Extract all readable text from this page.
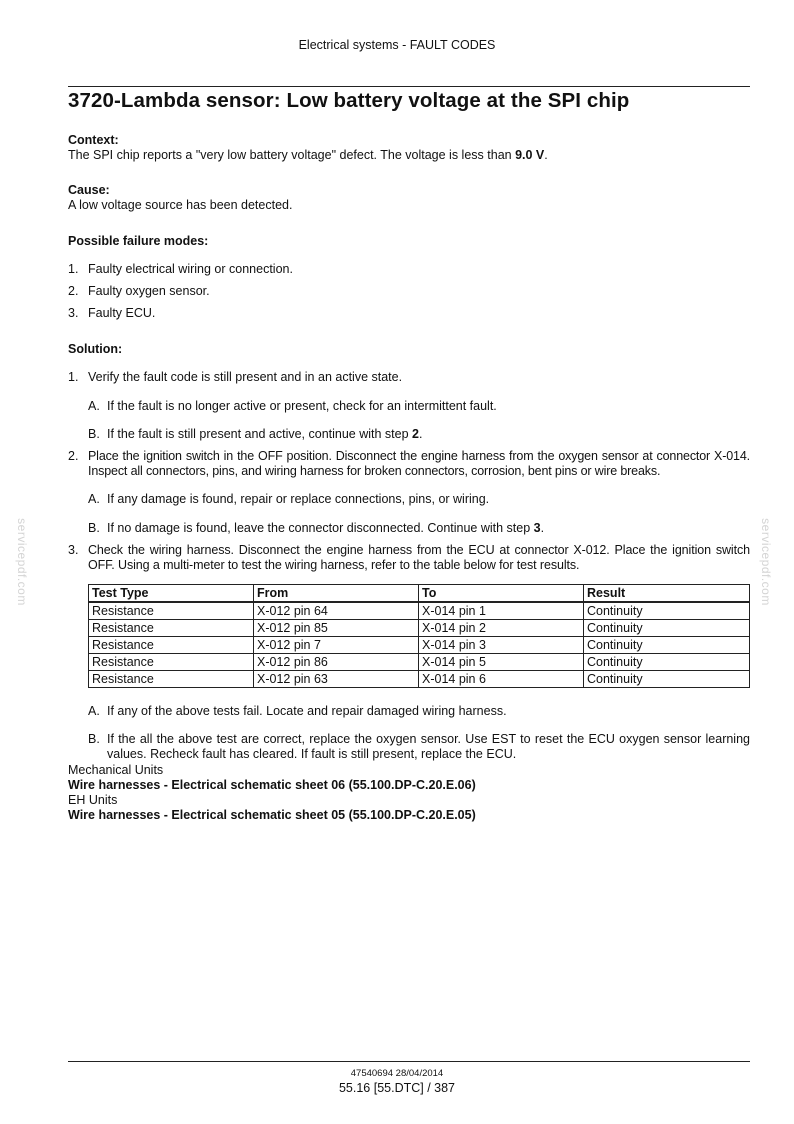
Electrical systems - FAULT CODES
3720-Lambda sensor: Low battery voltage at the SPI chip
Context:
The SPI chip reports a "very low battery voltage" defect. The voltage is less than 9.0 V.
Cause:
A low voltage source has been detected.
Possible failure modes:
1. Faulty electrical wiring or connection.
2. Faulty oxygen sensor.
3. Faulty ECU.
Solution:
1. Verify the fault code is still present and in an active state.
A. If the fault is no longer active or present, check for an intermittent fault.
B. If the fault is still present and active, continue with step 2.
2. Place the ignition switch in the OFF position. Disconnect the engine harness from the oxygen sensor at connector X-014. Inspect all connectors, pins, and wiring harness for broken connectors, corrosion, bent pins or wire breaks.
A. If any damage is found, repair or replace connections, pins, or wiring.
B. If no damage is found, leave the connector disconnected. Continue with step 3.
3. Check the wiring harness. Disconnect the engine harness from the ECU at connector X-012. Place the ignition switch OFF. Using a multi-meter to test the wiring harness, refer to the table below for test results.
Test Type	From	To	Result
Resistance	X-012 pin 64	X-014 pin 1	Continuity
Resistance	X-012 pin 85	X-014 pin 2	Continuity
Resistance	X-012 pin 7	X-014 pin 3	Continuity
Resistance	X-012 pin 86	X-014 pin 5	Continuity
Resistance	X-012 pin 63	X-014 pin 6	Continuity
A. If any of the above tests fail. Locate and repair damaged wiring harness.
B. If the all the above test are correct, replace the oxygen sensor. Use EST to reset the ECU oxygen sensor learning values. Recheck fault has cleared. If fault is still present, replace the ECU.
Mechanical Units
Wire harnesses - Electrical schematic sheet 06 (55.100.DP-C.20.E.06)
EH Units
Wire harnesses - Electrical schematic sheet 05 (55.100.DP-C.20.E.05)
servicepdf.com	servicepdf.com
47540694 28/04/2014
55.16 [55.DTC] / 387
